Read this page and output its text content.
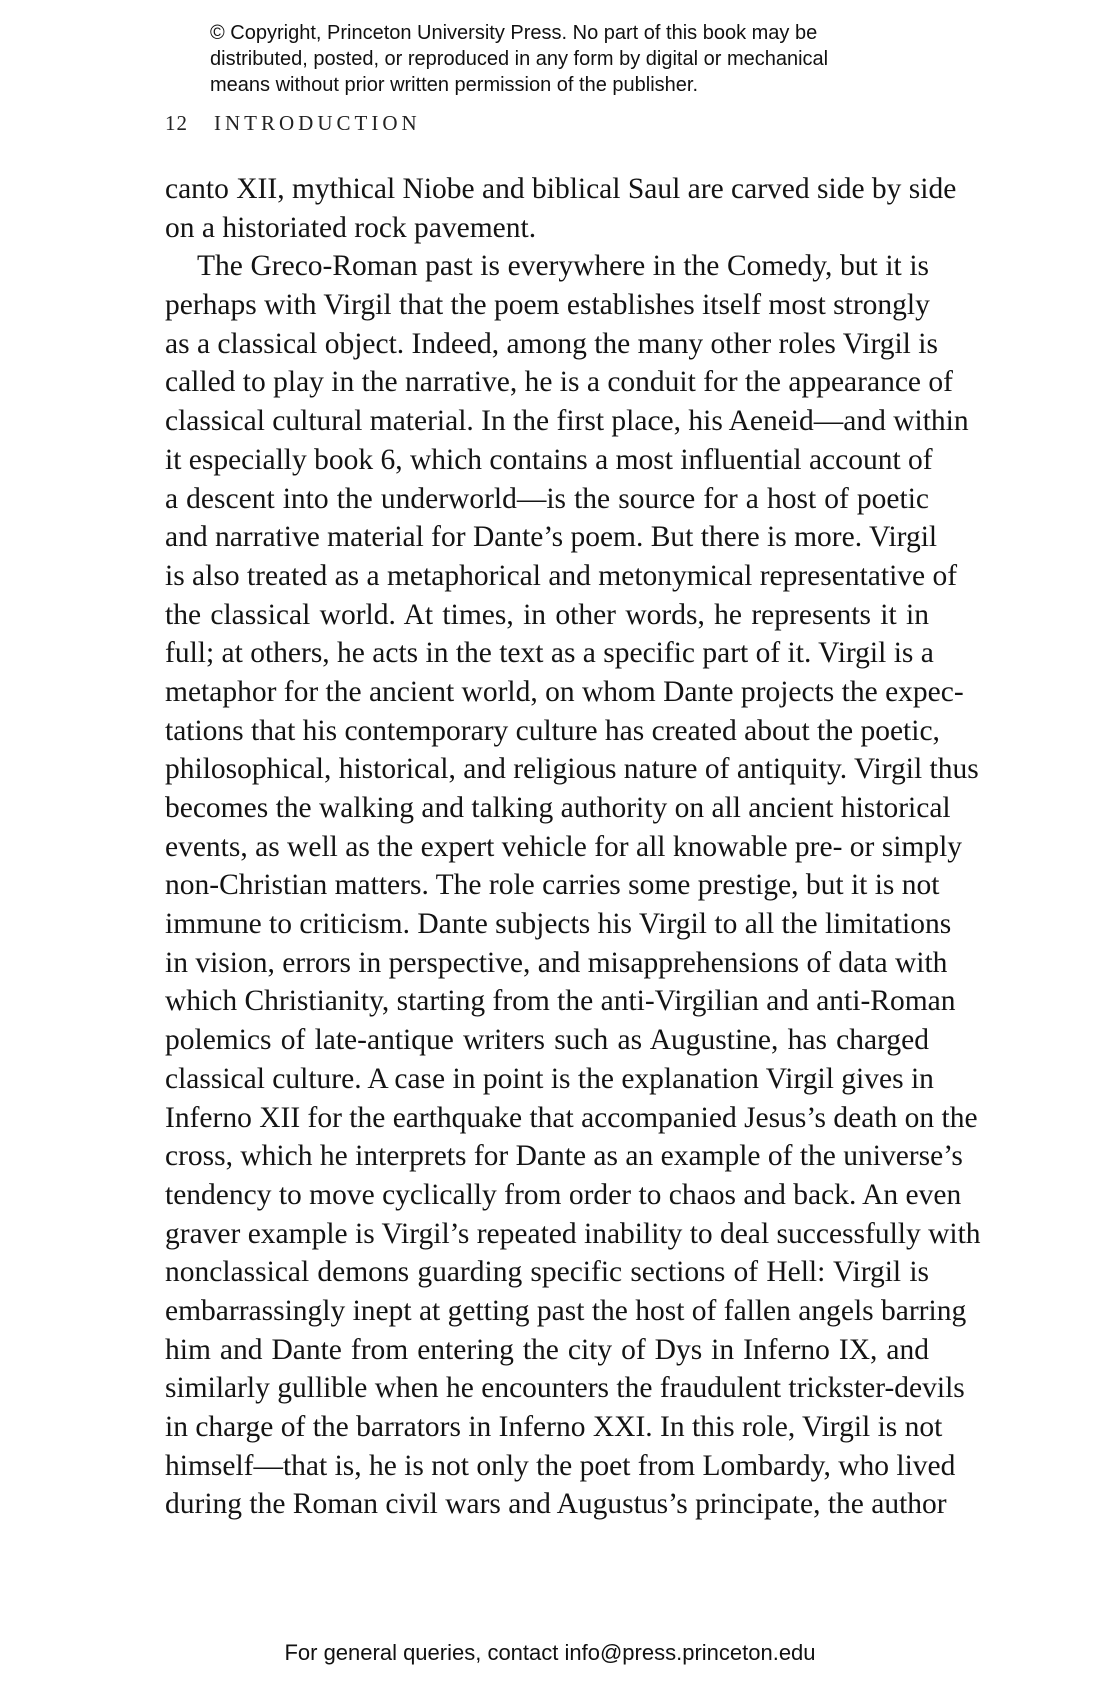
© Copyright, Princeton University Press. No part of this book may be
distributed, posted, or reproduced in any form by digital or mechanical
means without prior written permission of the publisher.
12 INTRODUCTION
canto XII, mythical Niobe and biblical Saul are carved side by side
on a historiated rock pavement.
The Greco-Roman past is everywhere in the Comedy, but it is
perhaps with Virgil that the poem establishes itself most strongly
as a classical object. Indeed, among the many other roles Virgil is
called to play in the narrative, he is a conduit for the appearance of
classical cultural material. In the first place, his Aeneid—and within
it especially book 6, which contains a most influential account of
a descent into the underworld—is the source for a host of poetic
and narrative material for Dante’s poem. But there is more. Virgil
is also treated as a metaphorical and metonymical representative of
the classical world. At times, in other words, he represents it in
full; at others, he acts in the text as a specific part of it. Virgil is a
metaphor for the ancient world, on whom Dante projects the expec-
tations that his contemporary culture has created about the poetic,
philosophical, historical, and religious nature of antiquity. Virgil thus
becomes the walking and talking authority on all ancient historical
events, as well as the expert vehicle for all knowable pre- or simply
non-Christian matters. The role carries some prestige, but it is not
immune to criticism. Dante subjects his Virgil to all the limitations
in vision, errors in perspective, and misapprehensions of data with
which Christianity, starting from the anti-Virgilian and anti-Roman
polemics of late-antique writers such as Augustine, has charged
classical culture. A case in point is the explanation Virgil gives in
Inferno XII for the earthquake that accompanied Jesus’s death on the
cross, which he interprets for Dante as an example of the universe’s
tendency to move cyclically from order to chaos and back. An even
graver example is Virgil’s repeated inability to deal successfully with
nonclassical demons guarding specific sections of Hell: Virgil is
embarrassingly inept at getting past the host of fallen angels barring
him and Dante from entering the city of Dys in Inferno IX, and
similarly gullible when he encounters the fraudulent trickster-devils
in charge of the barrators in Inferno XXI. In this role, Virgil is not
himself—that is, he is not only the poet from Lombardy, who lived
during the Roman civil wars and Augustus’s principate, the author
For general queries, contact info@press.princeton.edu
